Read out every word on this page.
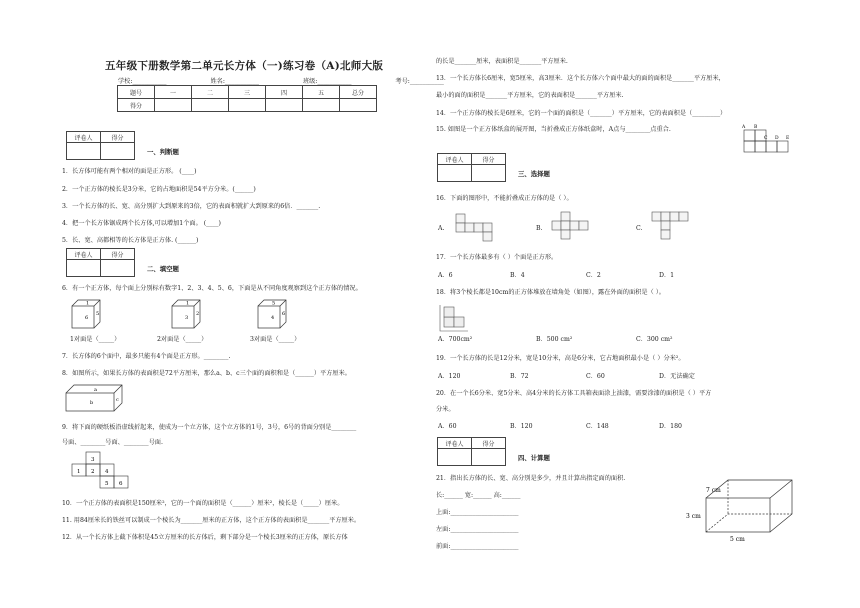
五年级下册数学第二单元长方体（一)练习卷（A)北师大版
学校:___________	姓名:___________	班级:___________	考号:___________
题号	一	二	三	四	五	总分
得分						
评卷人	得分

一、判断题
1．长方体可能有两个相对的面是正方形。 (____)
2．一个正方体的棱长是3分米，它的占地面积是54平方分米。(______)
3．一个长方体的长、宽、高分别扩大到原来的3倍，它的表面积就扩大到原来的6倍．_______.
4．把一个长方体锯成两个长方体,可以增加1个面。 (____)
5．长、宽、高都相等的长方体是正方体. (______)
评卷人	得分

二、填空题
6．有一个正方体，每个面上分别标有数字1、2、3、4、5、6，下面是从不同角度观察到这个正方体的情况。
1对面是（_____）	2对面是（_____）	3对面是（_____）
7．长方体的6个面中，最多只能有4个面是正方形。________.
8．如图所示，如果长方体的表面积是72平方厘米，那么a、b、c三个面的面积和是（______）平方厘米。
9．将下面的硬纸板沿虚线折起来，使成为一个立方体，这个立方体的1号，3号，6号的背面分别是________
号面、________号面、________号面.
10．一个正方体的表面积是150厘米²，它的一个面的面积是（______）厘米²，棱长是（_____）厘米。
11. 用84厘米长的铁丝可以制成一个棱长为_______厘米的正方体，这个正方体的表面积是_______平方厘米。
12．从一个长方体上截下体积是45立方厘米的长方体后，剩下部分是一个棱长3厘米的正方体，原长方体
1
6
5
1
3
2
5
4
6
a
b	c
3
1 2 4
5 6
的长是_______厘米，表面积是_______平方厘米.
13．一个长方体长6厘米，宽5厘米，高3厘米．这个长方体六个面中最大的面的面积是_______平方厘米，
最小的面的面积是_______平方厘米，它的表面积是_______平方厘米.
14．一个正方体的棱长是6厘米，它的一个面的面积是（_______）平方厘米，它的表面积是（_________）
15. 如图是一个正方体纸盒的展开图，当折叠成正方体纸盒时，A点与________点重合.
16．下面的图形中，不能折叠成正方体的是（ ）。
A.	B.	C.
17．一个长方体最多有（ ）个面是正方形。
A．6	B．4	C．2	D．1
18．将3个棱长都是10cm的正方体堆放在墙角处（如图），露在外面的面积是（ ）。
A．700cm²	B．500 cm²	C．300 cm²
19．一个长方体的长是12分米，宽是10分米，高是6分米，它占地面积最小是（ ）分米²。
A．120	B．72	C．60	D．无法确定
20．在一个长6分米、宽5分米、高4分米的长方体工具箱表面涂上油漆，需要涂漆的面积是（ ）平方
分米。
A．60	B．120	C．148	D．180
21．指出长方体的长、宽、高分别是多少，并且计算出指定面的面积.
长:______ 宽:______ 高:______
上面:______________________
左面:______________________
前面:______________________
A B
C D E
评卷人	得分

三、选择题
评卷人	得分

四、计算题
7 cm
3 cm
5 cm
